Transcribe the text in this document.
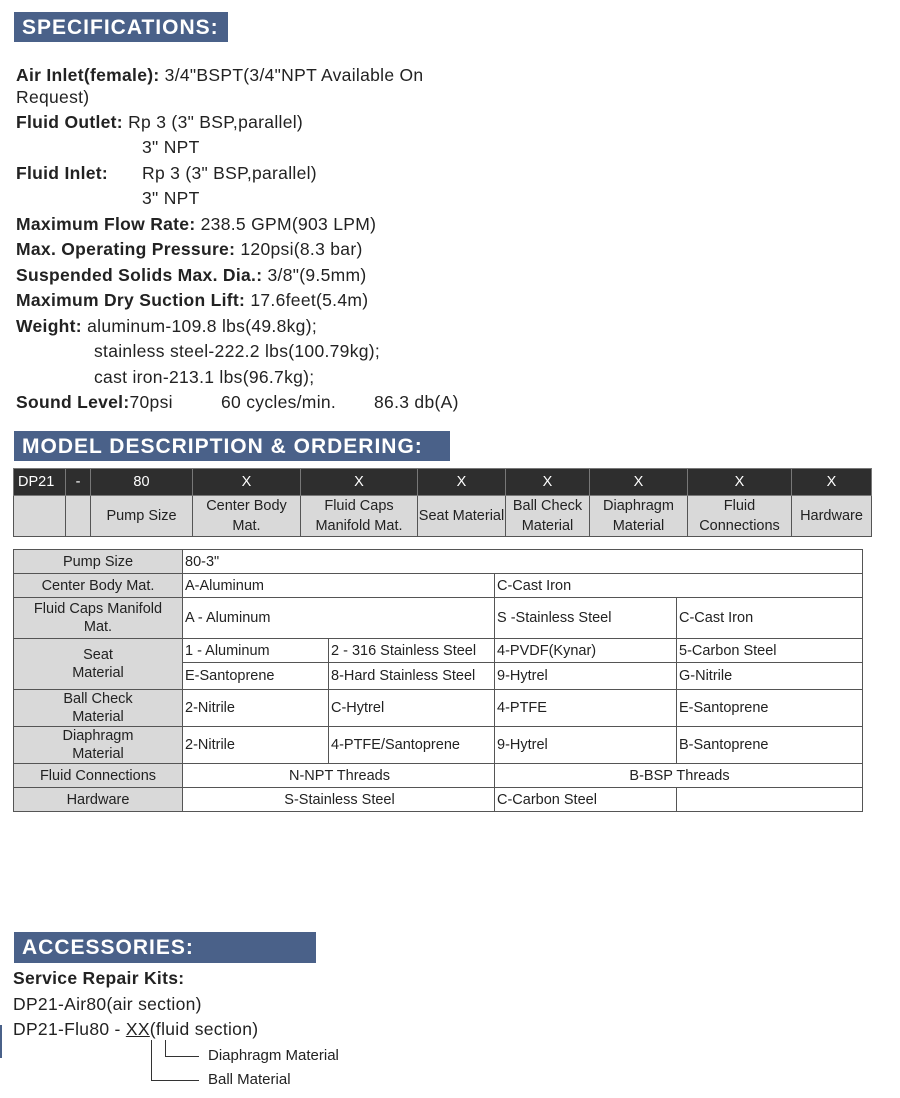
SPECIFICATIONS:
Air Inlet(female): 3/4"BSPT(3/4"NPT Available On
Request)
Fluid Outlet: Rp 3 (3" BSP,parallel)
3" NPT
Fluid Inlet: Rp 3 (3" BSP,parallel)
3" NPT
Maximum Flow Rate: 238.5 GPM(903 LPM)
Max. Operating Pressure: 120psi(8.3 bar)
Suspended Solids Max. Dia.: 3/8"(9.5mm)
Maximum Dry Suction Lift: 17.6feet(5.4m)
Weight: aluminum-109.8 lbs(49.8kg);
stainless steel-222.2 lbs(100.79kg);
cast iron-213.1 lbs(96.7kg);
Sound Level:70psi	60 cycles/min. 86.3 db(A)
MODEL DESCRIPTION & ORDERING:
DP21	-	80	X	X	X	X	X	X	X
		Pump Size	Center Body Mat.	Fluid Caps Manifold Mat.	Seat Material	Ball Check Material	Diaphragm Material	Fluid Connections	Hardware
Pump Size	80-3"			
Center Body Mat.	A-Aluminum		C-Cast Iron	
Fluid Caps Manifold Mat.	A - Aluminum		S -Stainless Steel	C-Cast Iron
Seat Material	1 - Aluminum	2 - 316 Stainless Steel	4-PVDF(Kynar)	5-Carbon Steel
	E-Santoprene	8-Hard Stainless Steel	9-Hytrel	G-Nitrile
Ball Check Material	2-Nitrile	C-Hytrel	4-PTFE	E-Santoprene
Diaphragm Material	2-Nitrile	4-PTFE/Santoprene	9-Hytrel	B-Santoprene
Fluid Connections	N-NPT Threads		B-BSP Threads	
Hardware	S-Stainless Steel		C-Carbon Steel	
ACCESSORIES:
Service Repair Kits:
DP21-Air80(air section)
DP21-Flu80 - XX(fluid section)
Diaphragm Material
Ball Material
